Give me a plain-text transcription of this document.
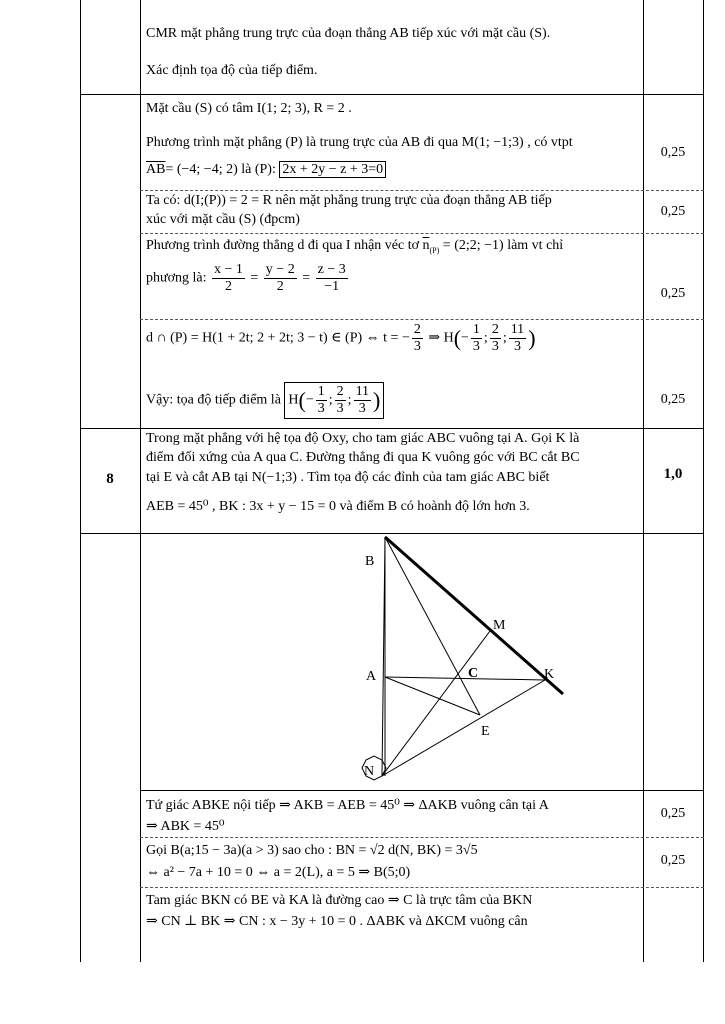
CMR mặt phẳng trung trực của đoạn thẳng AB tiếp xúc với mặt cầu (S).
Xác định tọa độ của tiếp điểm.
Mặt cầu (S) có tâm I(1; 2; 3), R = 2 .
Phương trình mặt phẳng (P) là trung trực của AB đi qua M(1; −1;3) , có vtpt
$\overline{AB}= (-4$; −4; 2) là (P): 2x + 2y − z + 3=0
0,25
Ta có: d(I;(P)) = 2 = R nên mặt phẳng trung trực của đoạn thẳng AB tiếp
xúc với mặt cầu (S) (đpcm)
0,25
Phương trình đường thẳng d đi qua I nhận véc tơ $\overline{n}_{(P)}$ = (2;2; −1) làm vt chỉ
phương là: $\frac{x - 1}{2} = \frac{y - 2}{2} = \frac{z - 3}{-1}$	0,25
d ∩ (P) = H(1 + 2t; 2 + 2t; 3 − t) ∈ (P) ⇔ t = − $\frac{2}{3}$ ⇒ $H(- \frac{1}{3}$ ; $\frac{2}{3}$ ; $\frac{11}{3}$ )
Vậy: tọa độ tiếp điểm là $H(- \frac{1}{3}$ ; $\frac{2}{3}$ ; $\frac{11}{3}$ )	0,25
8
Trong mặt phẳng với hệ tọa độ Oxy, cho tam giác ABC vuông tại A. Gọi K là
điểm đối xứng của A qua C. Đường thẳng đi qua K vuông góc với BC cắt BC
tại E và cắt AB tại N(−1;3) . Tìm tọa độ các đỉnh của tam giác ABC biết
AEB = 45⁰ , BK : 3x + y − 15 = 0 và điểm B có hoành độ lớn hơn 3.
1,0
B
M
A	C	K
E
N
Tứ giác ABKE nội tiếp ⇒ AKB = AEB = 45⁰ ⇒ ΔAKB vuông cân tại A
⇒ ABK = 45⁰
0,25
Gọi B(a;15 − 3a)(a > 3) sao cho : BN = √2 d(N, BK) = 3√5
⇔ a² − 7a + 10 = 0 ⇔ a = 2(L), a = 5 ⇒ B(5;0)
0,25
Tam giác BKN có BE và KA là đường cao ⇒ C là trực tâm của BKN
⇒ CN ⊥ BK ⇒ CN : x − 3y + 10 = 0 . ΔABK và ΔKCM vuông cân
